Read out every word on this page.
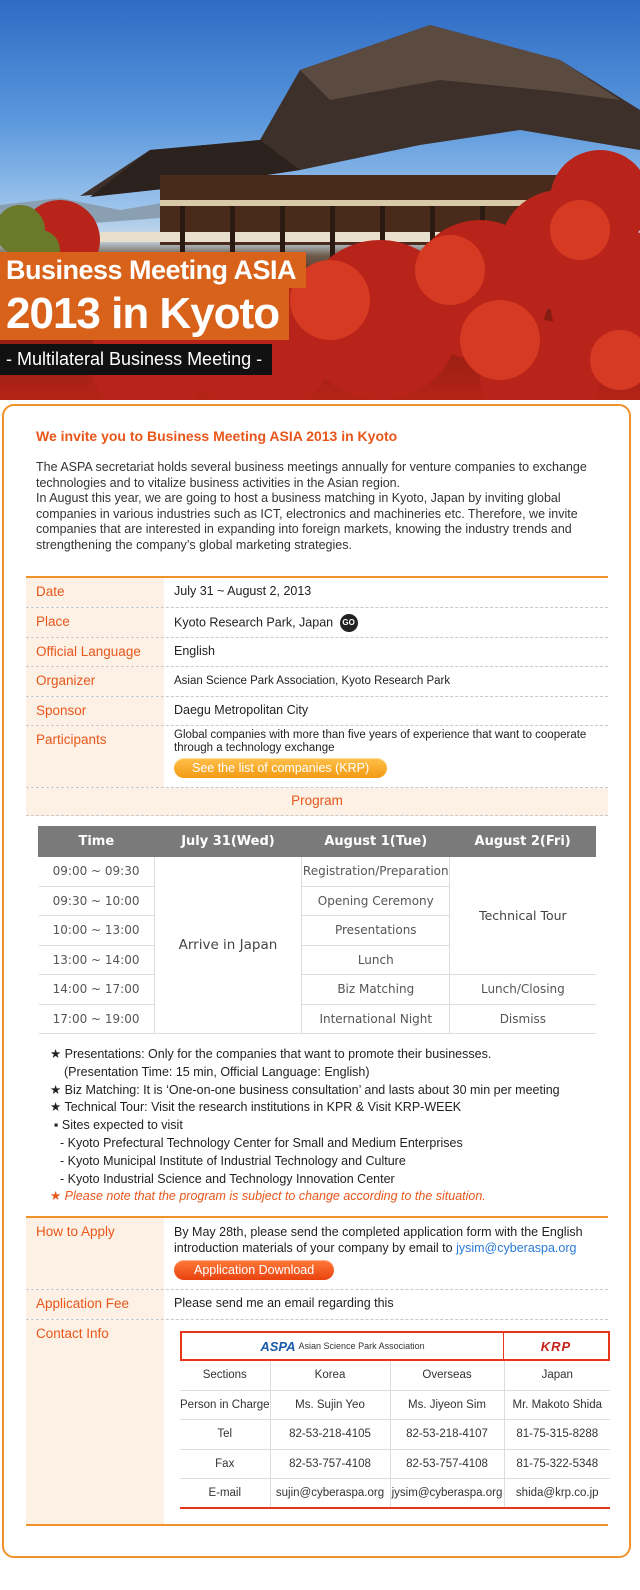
Business Meeting ASIA
2013 in Kyoto
- Multilateral Business Meeting -
We invite you to Business Meeting ASIA 2013 in Kyoto

The ASPA secretariat holds several business meetings annually for venture companies to exchange technologies and to vitalize business activities in the Asian region.

In August this year, we are going to host a business matching in Kyoto, Japan by inviting global companies in various industries such as ICT, electronics and machineries etc. Therefore, we invite companies that are interested in expanding into foreign markets, knowing the industry trends and strengthening the company’s global marketing strategies.

Date	July 31 ~ August 2, 2013
Place	Kyoto Research Park, Japan GO
Official Language	English
Organizer	Asian Science Park Association, Kyoto Research Park
Sponsor	Daegu Metropolitan City
Participants	Global companies with more than five years of experience that want to cooperate through a technology exchange
See the list of companies (KRP)
Program
Time	July 31(Wed)	August 1(Tue)	August 2(Fri)
09:00 ~ 09:30	Arrive in Japan	Registration/Preparation	Technical Tour
09:30 ~ 10:00		Opening Ceremony	
10:00 ~ 13:00		Presentations	
13:00 ~ 14:00		Lunch	
14:00 ~ 17:00		Biz Matching	Lunch/Closing
17:00 ~ 19:00		International Night	Dismiss
★ Presentations: Only for the companies that want to promote their businesses.
(Presentation Time: 15 min, Official Language: English)
★ Biz Matching: It is ‘One-on-one business consultation’ and lasts about 30 min per meeting
★ Technical Tour: Visit the research institutions in KPR & Visit KRP-WEEK
▪ Sites expected to visit
- Kyoto Prefectural Technology Center for Small and Medium Enterprises
- Kyoto Municipal Institute of Industrial Technology and Culture
- Kyoto Industrial Science and Technology Innovation Center
★ Please note that the program is subject to change according to the situation.
How to Apply	By May 28th, please send the completed application form with the English introduction materials of your company by email to jysim@cyberaspa.org
Application Download
Application Fee	Please send me an email regarding this
Contact Info
ASPA Asian Science Park Association	KRP
Sections	Korea	Overseas	Japan
Person in Charge	Ms. Sujin Yeo	Ms. Jiyeon Sim	Mr. Makoto Shida
Tel	82-53-218-4105	82-53-218-4107	81-75-315-8288
Fax	82-53-757-4108	82-53-757-4108	81-75-322-5348
E-mail	sujin@cyberaspa.org	jysim@cyberaspa.org	shida@krp.co.jp
